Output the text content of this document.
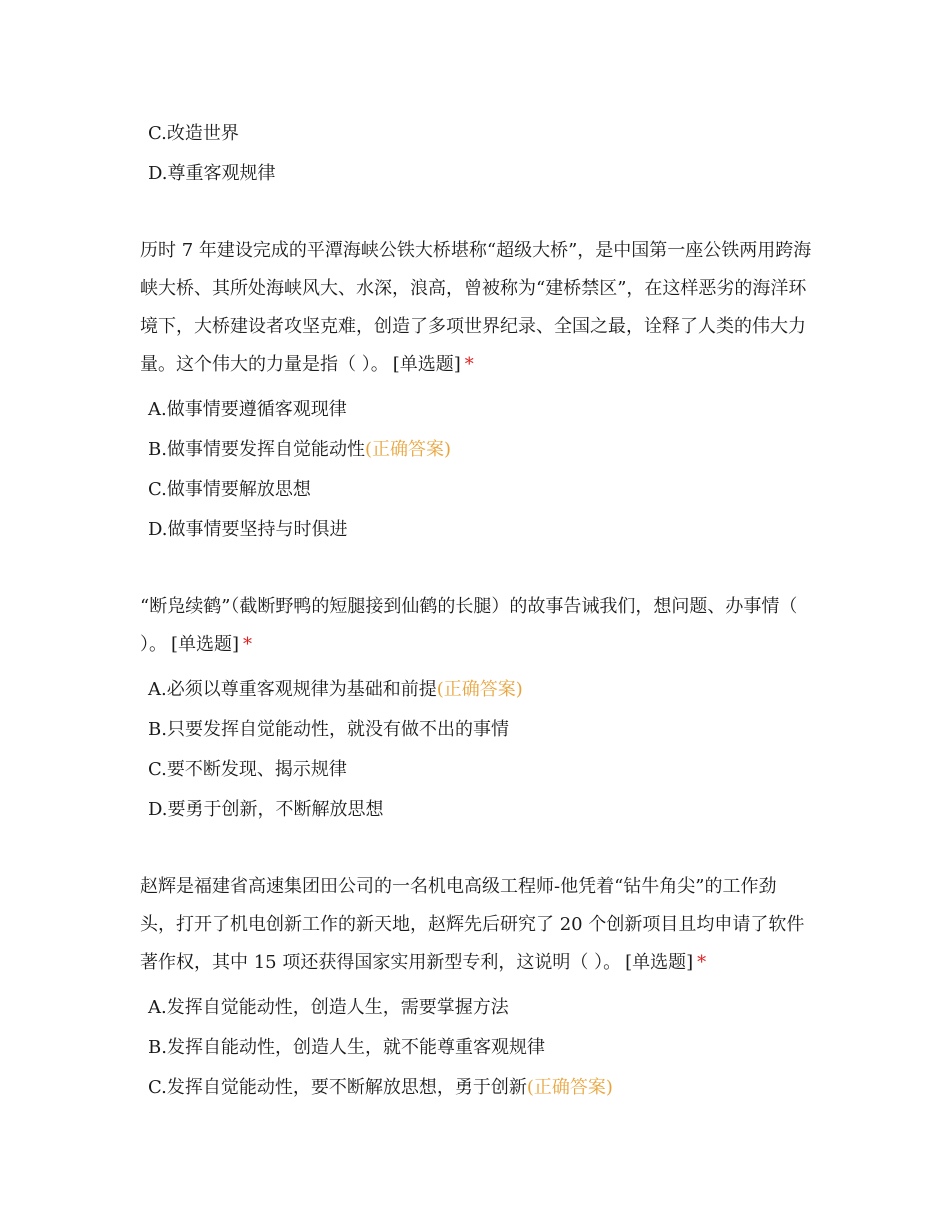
C.改造世界
D.尊重客观规律

历时 7 年建设完成的平潭海峡公铁大桥堪称“超级大桥”，是中国第一座公铁两用跨海峡大桥、其所处海峡风大、水深，浪高，曾被称为“建桥禁区”，在这样恶劣的海洋环境下，大桥建设者攻坚克难，创造了多项世界纪录、全国之最，诠释了人类的伟大力量。这个伟大的力量是指（ ）。 [单选题] *

A.做事情要遵循客观现律
B.做事情要发挥自觉能动性(正确答案)
C.做事情要解放思想
D.做事情要坚持与时俱进

“断凫续鹤”（截断野鸭的短腿接到仙鹤的长腿）的故事告诫我们，想问题、办事情（ ）。 [单选题] *

A.必须以尊重客观规律为基础和前提(正确答案)
B.只要发挥自觉能动性，就没有做不出的事情
C.要不断发现、揭示规律
D.要勇于创新，不断解放思想

赵辉是福建省高速集团田公司的一名机电高级工程师-他凭着“钻牛角尖”的工作劲头，打开了机电创新工作的新天地，赵辉先后研究了 20 个创新项目且均申请了软件著作权，其中 15 项还获得国家实用新型专利，这说明（ ）。 [单选题] *

A.发挥自觉能动性，创造人生，需要掌握方法
B.发挥自能动性，创造人生，就不能尊重客观规律
C.发挥自觉能动性，要不断解放思想，勇于创新(正确答案)
